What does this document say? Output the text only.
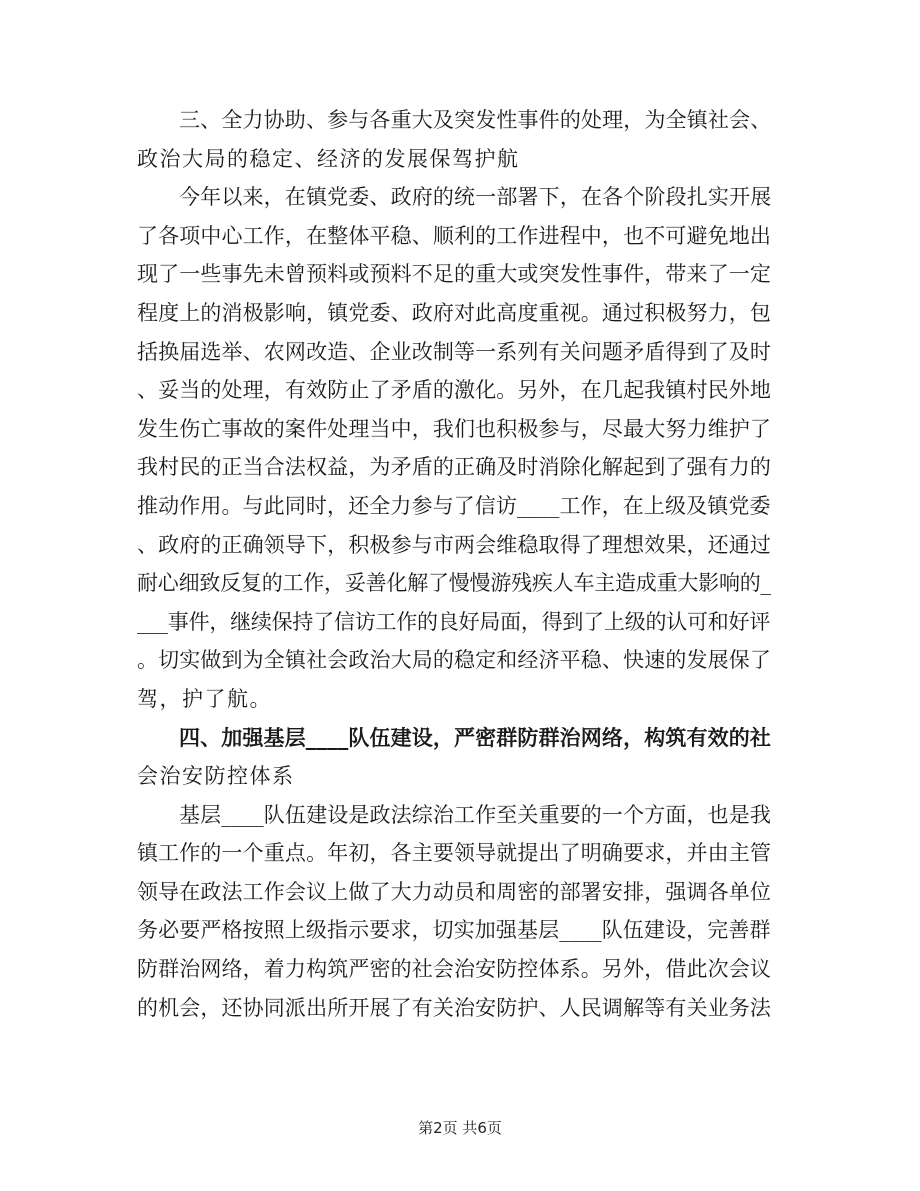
三、全力协助、参与各重大及突发性事件的处理，为全镇社会、
政治大局的稳定、经济的发展保驾护航
今年以来，在镇党委、政府的统一部署下，在各个阶段扎实开展
了各项中心工作，在整体平稳、顺利的工作进程中，也不可避免地出
现了一些事先未曾预料或预料不足的重大或突发性事件，带来了一定
程度上的消极影响，镇党委、政府对此高度重视。通过积极努力，包
括换届选举、农网改造、企业改制等一系列有关问题矛盾得到了及时
、妥当的处理，有效防止了矛盾的激化。另外，在几起我镇村民外地
发生伤亡事故的案件处理当中，我们也积极参与，尽最大努力维护了
我村民的正当合法权益，为矛盾的正确及时消除化解起到了强有力的
推动作用。与此同时，还全力参与了信访____工作，在上级及镇党委
、政府的正确领导下，积极参与市两会维稳取得了理想效果，还通过
耐心细致反复的工作，妥善化解了慢慢游残疾人车主造成重大影响的_
___事件，继续保持了信访工作的良好局面，得到了上级的认可和好评
。切实做到为全镇社会政治大局的稳定和经济平稳、快速的发展保了
驾，护了航。
四、加强基层____队伍建设，严密群防群治网络，构筑有效的社
会治安防控体系
基层____队伍建设是政法综治工作至关重要的一个方面，也是我
镇工作的一个重点。年初，各主要领导就提出了明确要求，并由主管
领导在政法工作会议上做了大力动员和周密的部署安排，强调各单位
务必要严格按照上级指示要求，切实加强基层____队伍建设，完善群
防群治网络，着力构筑严密的社会治安防控体系。另外，借此次会议
的机会，还协同派出所开展了有关治安防护、人民调解等有关业务法
第2页 共6页
